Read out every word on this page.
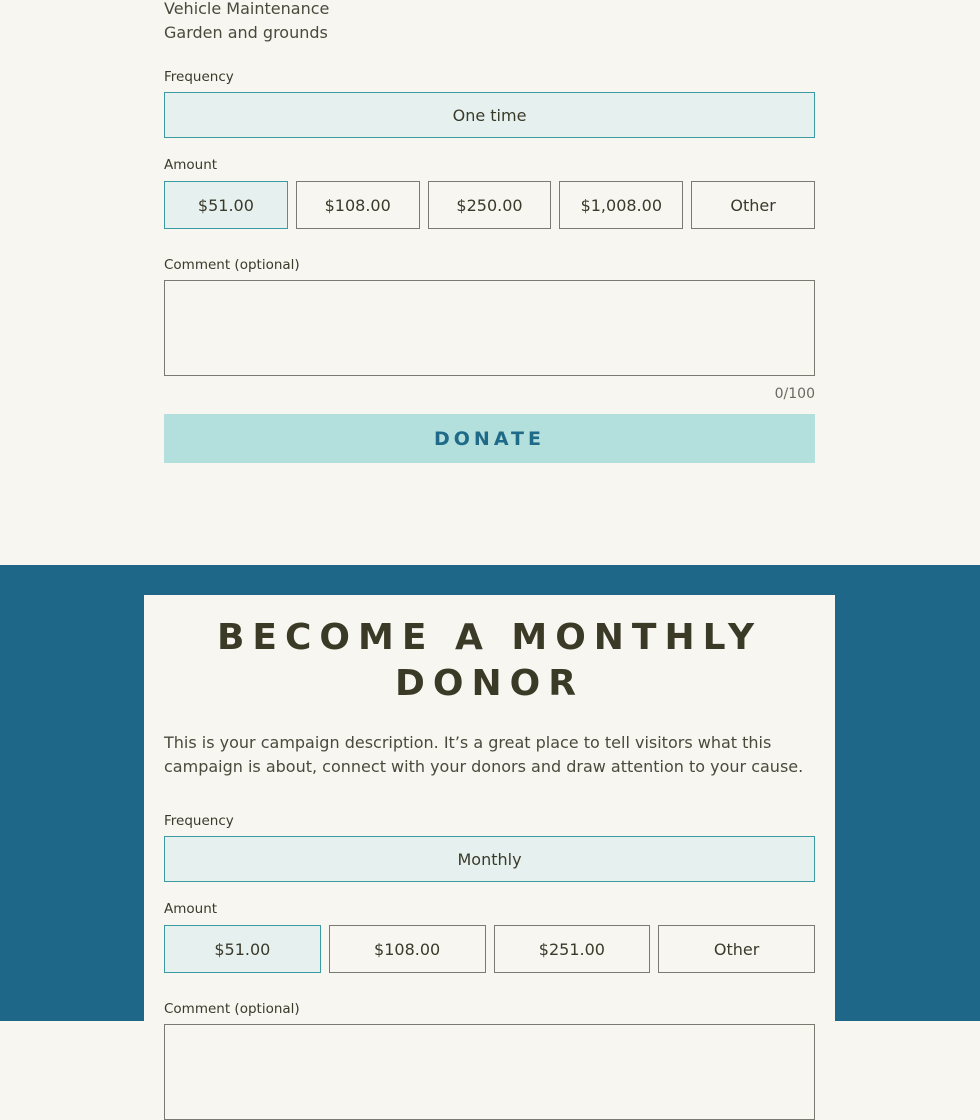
Vehicle Maintenance
Garden and grounds
Frequency
One time
Amount
$51.00	$108.00	$250.00	$1,008.00	Other
Comment (optional)
0/100
DONATE
BECOME A MONTHLY
DONOR
This is your campaign description. It’s a great place to tell visitors what this campaign is about, connect with your donors and draw attention to your cause.
Frequency
Monthly
Amount
$51.00	$108.00	$251.00	Other
Comment (optional)
